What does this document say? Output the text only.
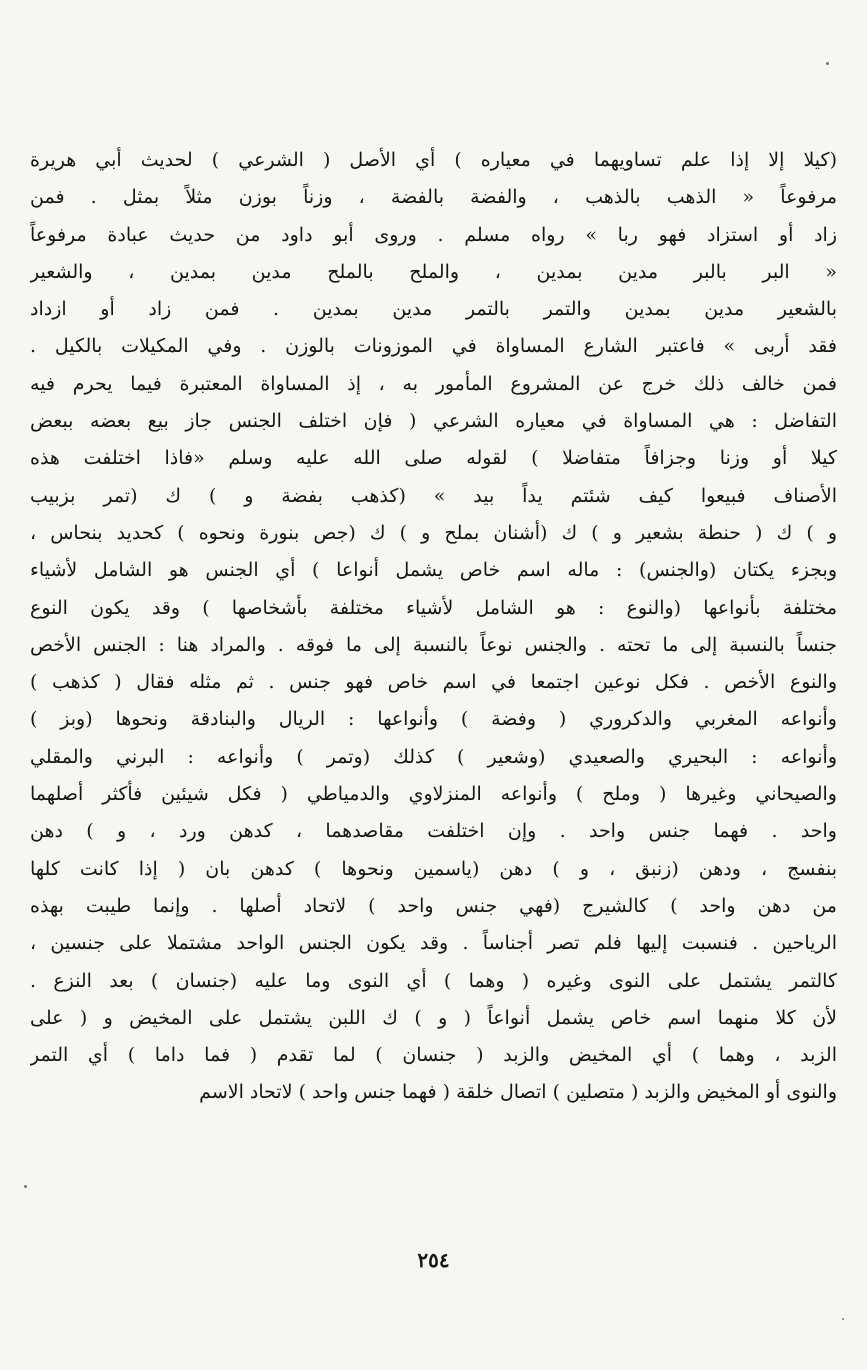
(كيلا إلا إذا علم تساويهما في معياره ) أي الأصل ( الشرعي ) لحديث أبي هريرة
مرفوعاً « الذهب بالذهب ، والفضة بالفضة ، وزناً بوزن مثلاً بمثل . فمن
زاد أو استزاد فهو ربا » رواه مسلم . وروى أبو داود من حديث عبادة مرفوعاً
« البر بالبر مدين بمدين ، والملح بالملح مدين بمدين ، والشعير
بالشعير مدين بمدين والتمر بالتمر مدين بمدين . فمن زاد أو ازداد
فقد أربى » فاعتبر الشارع المساواة في الموزونات بالوزن . وفي المكيلات بالكيل .
فمن خالف ذلك خرج عن المشروع المأمور به ، إذ المساواة المعتبرة فيما يحرم فيه
التفاضل : هي المساواة في معياره الشرعي ( فإن اختلف الجنس جاز بيع بعضه ببعض
كيلا أو وزنا وجزافاً متفاضلا ) لقوله صلى الله عليه وسلم «فاذا اختلفت هذه
الأصناف فبيعوا كيف شئتم يداً بيد » (كذهب بفضة و ) ك (تمر بزبيب
و ) ك ( حنطة بشعير و ) ك (أشنان بملح و ) ك (جص بنورة ونحوه ) كحديد بنحاس ،
وبجزء يكتان (والجنس) : ماله اسم خاص يشمل أنواعا ) أي الجنس هو الشامل لأشياء
مختلفة بأنواعها (والنوع : هو الشامل لأشياء مختلفة بأشخاصها ) وقد يكون النوع
جنساً بالنسبة إلى ما تحته . والجنس نوعاً بالنسبة إلى ما فوقه . والمراد هنا : الجنس الأخص
والنوع الأخص . فكل نوعين اجتمعا في اسم خاص فهو جنس . ثم مثله فقال ( كذهب )
وأنواعه المغربي والدكروري ( وفضة ) وأنواعها : الريال والبنادقة ونحوها (وبز )
وأنواعه : البحيري والصعيدي (وشعير ) كذلك (وتمر ) وأنواعه : البرني والمقلي
والصيحاني وغيرها ( وملح ) وأنواعه المنزلاوي والدمياطي ( فكل شيئين فأكثر أصلهما
واحد . فهما جنس واحد . وإن اختلفت مقاصدهما ، كدهن ورد ، و ) دهن
بنفسج ، ودهن (زنبق ، و ) دهن (ياسمين ونحوها ) كدهن بان ( إذا كانت كلها
من دهن واحد ) كالشيرج (فهي جنس واحد ) لاتحاد أصلها . وإنما طيبت بهذه
الرياحين . فنسبت إليها فلم تصر أجناساً . وقد يكون الجنس الواحد مشتملا على جنسين ،
كالتمر يشتمل على النوى وغيره ( وهما ) أي النوى وما عليه (جنسان ) بعد النزع .
لأن كلا منهما اسم خاص يشمل أنواعاً ( و ) ك اللبن يشتمل على المخيض و ( على
الزبد ، وهما ) أي المخيض والزبد ( جنسان ) لما تقدم ( فما داما ) أي التمر
والنوى أو المخيض والزبد ( متصلين ) اتصال خلقة ( فهما جنس واحد ) لاتحاد الاسم
٢٥٤
